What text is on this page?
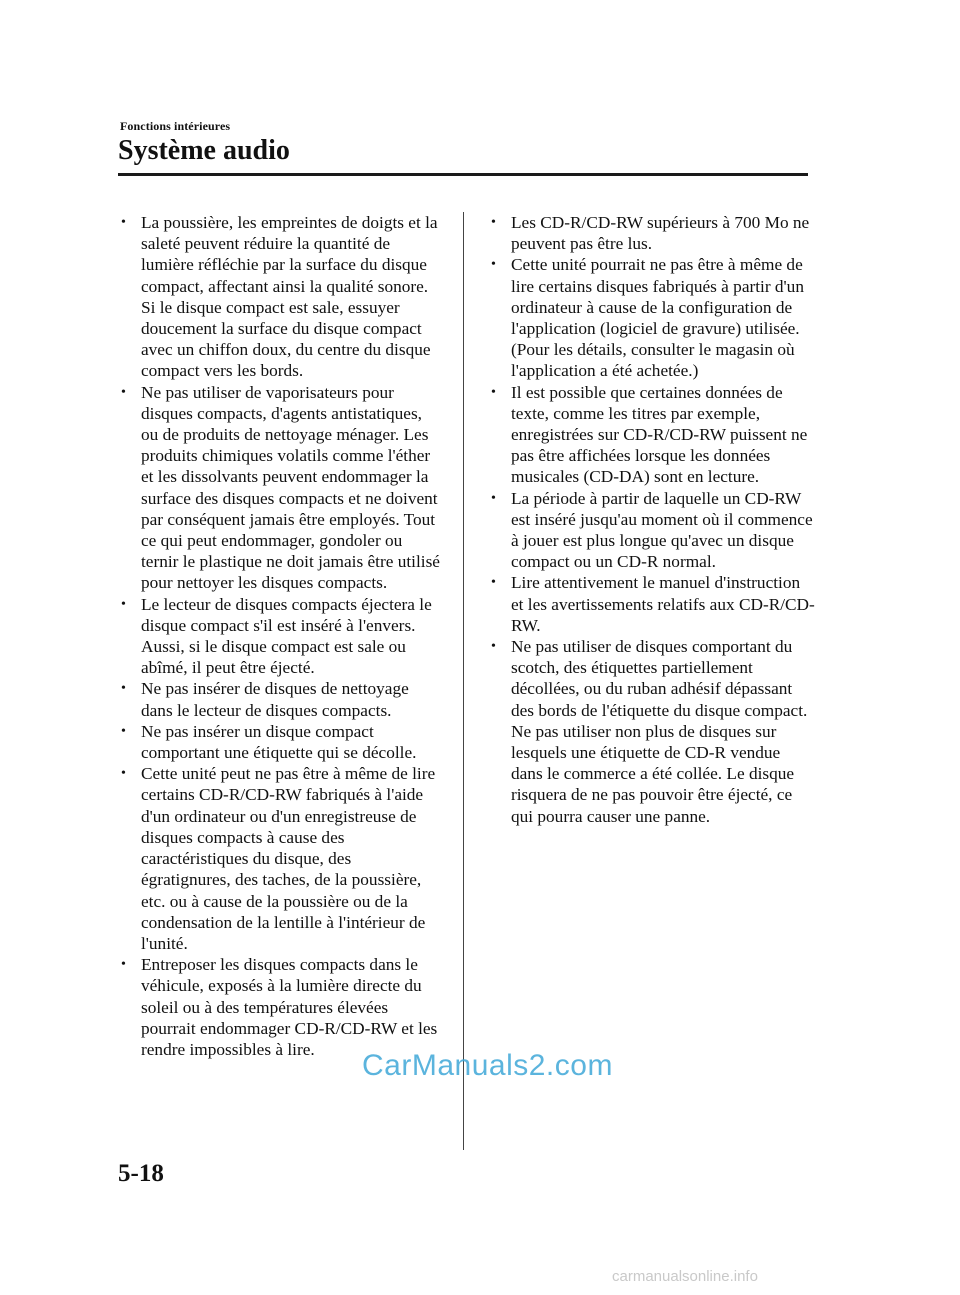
Fonctions intérieures
Système audio
• La poussière, les empreintes de doigts et la saleté peuvent réduire la quantité de lumière réfléchie par la surface du disque compact, affectant ainsi la qualité sonore. Si le disque compact est sale, essuyer doucement la surface du disque compact avec un chiffon doux, du centre du disque compact vers les bords.
• Ne pas utiliser de vaporisateurs pour disques compacts, d'agents antistatiques, ou de produits de nettoyage ménager. Les produits chimiques volatils comme l'éther et les dissolvants peuvent endommager la surface des disques compacts et ne doivent par conséquent jamais être employés. Tout ce qui peut endommager, gondoler ou ternir le plastique ne doit jamais être utilisé pour nettoyer les disques compacts.
• Le lecteur de disques compacts éjectera le disque compact s'il est inséré à l'envers. Aussi, si le disque compact est sale ou abîmé, il peut être éjecté.
• Ne pas insérer de disques de nettoyage dans le lecteur de disques compacts.
• Ne pas insérer un disque compact comportant une étiquette qui se décolle.
• Cette unité peut ne pas être à même de lire certains CD-R/CD-RW fabriqués à l'aide d'un ordinateur ou d'un enregistreuse de disques compacts à cause des caractéristiques du disque, des égratignures, des taches, de la poussière, etc. ou à cause de la poussière ou de la condensation de la lentille à l'intérieur de l'unité.
• Entreposer les disques compacts dans le véhicule, exposés à la lumière directe du soleil ou à des températures élevées pourrait endommager CD-R/CD-RW et les rendre impossibles à lire.
• Les CD-R/CD-RW supérieurs à 700 Mo ne peuvent pas être lus.
• Cette unité pourrait ne pas être à même de lire certains disques fabriqués à partir d'un ordinateur à cause de la configuration de l'application (logiciel de gravure) utilisée. (Pour les détails, consulter le magasin où l'application a été achetée.)
• Il est possible que certaines données de texte, comme les titres par exemple, enregistrées sur CD-R/CD-RW puissent ne pas être affichées lorsque les données musicales (CD-DA) sont en lecture.
• La période à partir de laquelle un CD-RW est inséré jusqu'au moment où il commence à jouer est plus longue qu'avec un disque compact ou un CD-R normal.
• Lire attentivement le manuel d'instruction et les avertissements relatifs aux CD-R/CD-RW.
• Ne pas utiliser de disques comportant du scotch, des étiquettes partiellement décollées, ou du ruban adhésif dépassant des bords de l'étiquette du disque compact. Ne pas utiliser non plus de disques sur lesquels une étiquette de CD-R vendue dans le commerce a été collée. Le disque risquera de ne pas pouvoir être éjecté, ce qui pourra causer une panne.
CarManuals2.com
5-18
carmanualsonline.info
